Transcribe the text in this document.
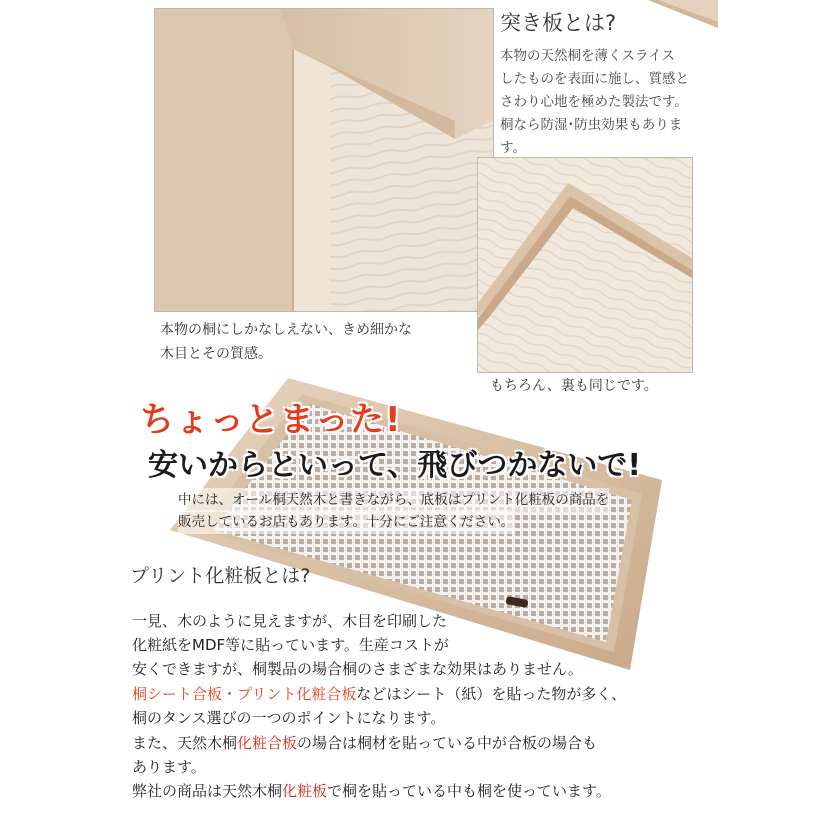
突き板とは?
本物の天然桐を薄くスライス
したものを表面に施し、質感と
さわり心地を極めた製法です。
桐なら防湿･防虫効果もありま
す。
本物の桐にしかなしえない、きめ細かな
木目とその質感。
もちろん、裏も同じです。
ちょっとまった!
安いからといって、飛びつかないで!
中には、オール桐天然木と書きながら、底板はプリント化粧板の商品を
販売しているお店もあります。十分にご注意ください。
プリント化粧板とは?
一見、木のように見えますが、木目を印刷した
化粧紙をMDF等に貼っています。生産コストが
安くできますが、桐製品の場合桐のさまざまな効果はありません。
桐シート合板・プリント化粧合板などはシート（紙）を貼った物が多く、
桐のタンス選びの一つのポイントになります。
また、天然木桐化粧合板の場合は桐材を貼っている中が合板の場合も
あります。
弊社の商品は天然木桐化粧板で桐を貼っている中も桐を使っています。
